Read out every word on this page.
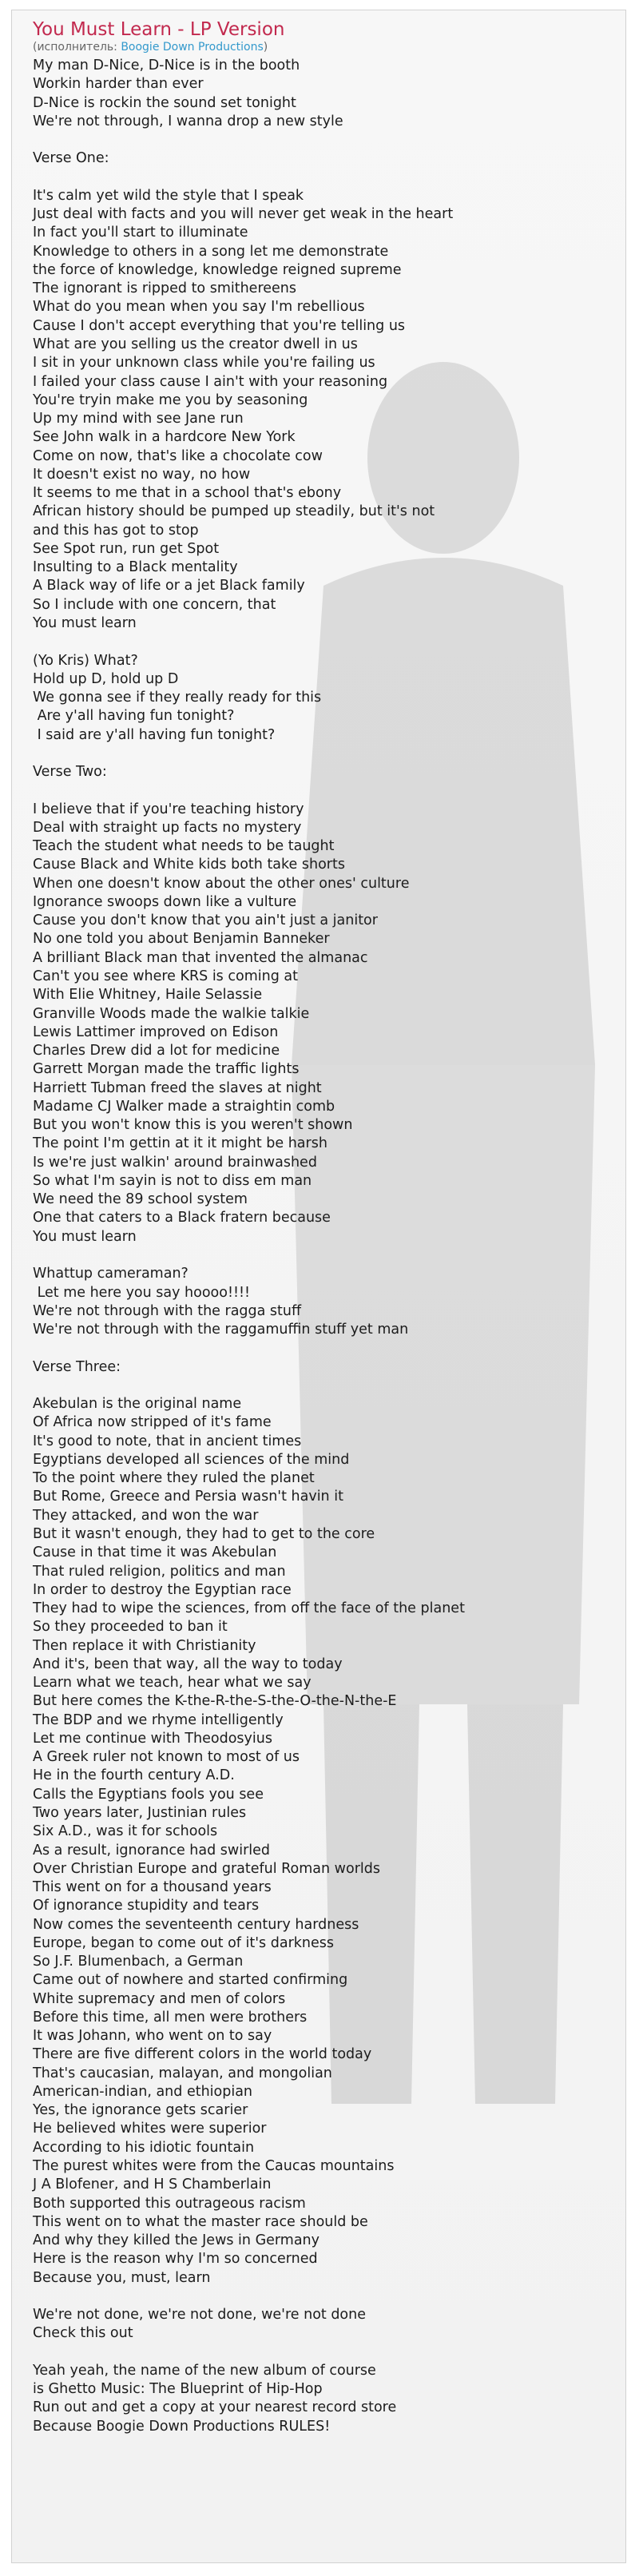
You Must Learn - LP Version
(исполнитель: Boogie Down Productions)
My man D-Nice, D-Nice is in the booth
Workin harder than ever
D-Nice is rockin the sound set tonight
We're not through, I wanna drop a new style

Verse One:

It's calm yet wild the style that I speak
Just deal with facts and you will never get weak in the heart
In fact you'll start to illuminate
Knowledge to others in a song let me demonstrate
the force of knowledge, knowledge reigned supreme
The ignorant is ripped to smithereens
What do you mean when you say I'm rebellious
Cause I don't accept everything that you're telling us
What are you selling us the creator dwell in us
I sit in your unknown class while you're failing us
I failed your class cause I ain't with your reasoning
You're tryin make me you by seasoning
Up my mind with see Jane run
See John walk in a hardcore New York
Come on now, that's like a chocolate cow
It doesn't exist no way, no how
It seems to me that in a school that's ebony
African history should be pumped up steadily, but it's not
and this has got to stop
See Spot run, run get Spot
Insulting to a Black mentality
A Black way of life or a jet Black family
So I include with one concern, that
You must learn

(Yo Kris) What?
Hold up D, hold up D
We gonna see if they really ready for this
Are y'all having fun tonight?
I said are y'all having fun tonight?

Verse Two:

I believe that if you're teaching history
Deal with straight up facts no mystery
Teach the student what needs to be taught
Cause Black and White kids both take shorts
When one doesn't know about the other ones' culture
Ignorance swoops down like a vulture
Cause you don't know that you ain't just a janitor
No one told you about Benjamin Banneker
A brilliant Black man that invented the almanac
Can't you see where KRS is coming at
With Elie Whitney, Haile Selassie
Granville Woods made the walkie talkie
Lewis Lattimer improved on Edison
Charles Drew did a lot for medicine
Garrett Morgan made the traffic lights
Harriett Tubman freed the slaves at night
Madame CJ Walker made a straightin comb
But you won't know this is you weren't shown
The point I'm gettin at it it might be harsh
Is we're just walkin' around brainwashed
So what I'm sayin is not to diss em man
We need the 89 school system
One that caters to a Black fratern because
You must learn

Whattup cameraman?
Let me here you say hoooo!!!!
We're not through with the ragga stuff
We're not through with the raggamuffin stuff yet man

Verse Three:

Akebulan is the original name
Of Africa now stripped of it's fame
It's good to note, that in ancient times
Egyptians developed all sciences of the mind
To the point where they ruled the planet
But Rome, Greece and Persia wasn't havin it
They attacked, and won the war
But it wasn't enough, they had to get to the core
Cause in that time it was Akebulan
That ruled religion, politics and man
In order to destroy the Egyptian race
They had to wipe the sciences, from off the face of the planet
So they proceeded to ban it
Then replace it with Christianity
And it's, been that way, all the way to today
Learn what we teach, hear what we say
But here comes the K-the-R-the-S-the-O-the-N-the-E
The BDP and we rhyme intelligently
Let me continue with Theodosyius
A Greek ruler not known to most of us
He in the fourth century A.D.
Calls the Egyptians fools you see
Two years later, Justinian rules
Six A.D., was it for schools
As a result, ignorance had swirled
Over Christian Europe and grateful Roman worlds
This went on for a thousand years
Of ignorance stupidity and tears
Now comes the seventeenth century hardness
Europe, began to come out of it's darkness
So J.F. Blumenbach, a German
Came out of nowhere and started confirming
White supremacy and men of colors
Before this time, all men were brothers
It was Johann, who went on to say
There are five different colors in the world today
That's caucasian, malayan, and mongolian
American-indian, and ethiopian
Yes, the ignorance gets scarier
He believed whites were superior
According to his idiotic fountain
The purest whites were from the Caucas mountains
J A Blofener, and H S Chamberlain
Both supported this outrageous racism
This went on to what the master race should be
And why they killed the Jews in Germany
Here is the reason why I'm so concerned
Because you, must, learn

We're not done, we're not done, we're not done
Check this out

Yeah yeah, the name of the new album of course
is Ghetto Music: The Blueprint of Hip-Hop
Run out and get a copy at your nearest record store
Because Boogie Down Productions RULES!
